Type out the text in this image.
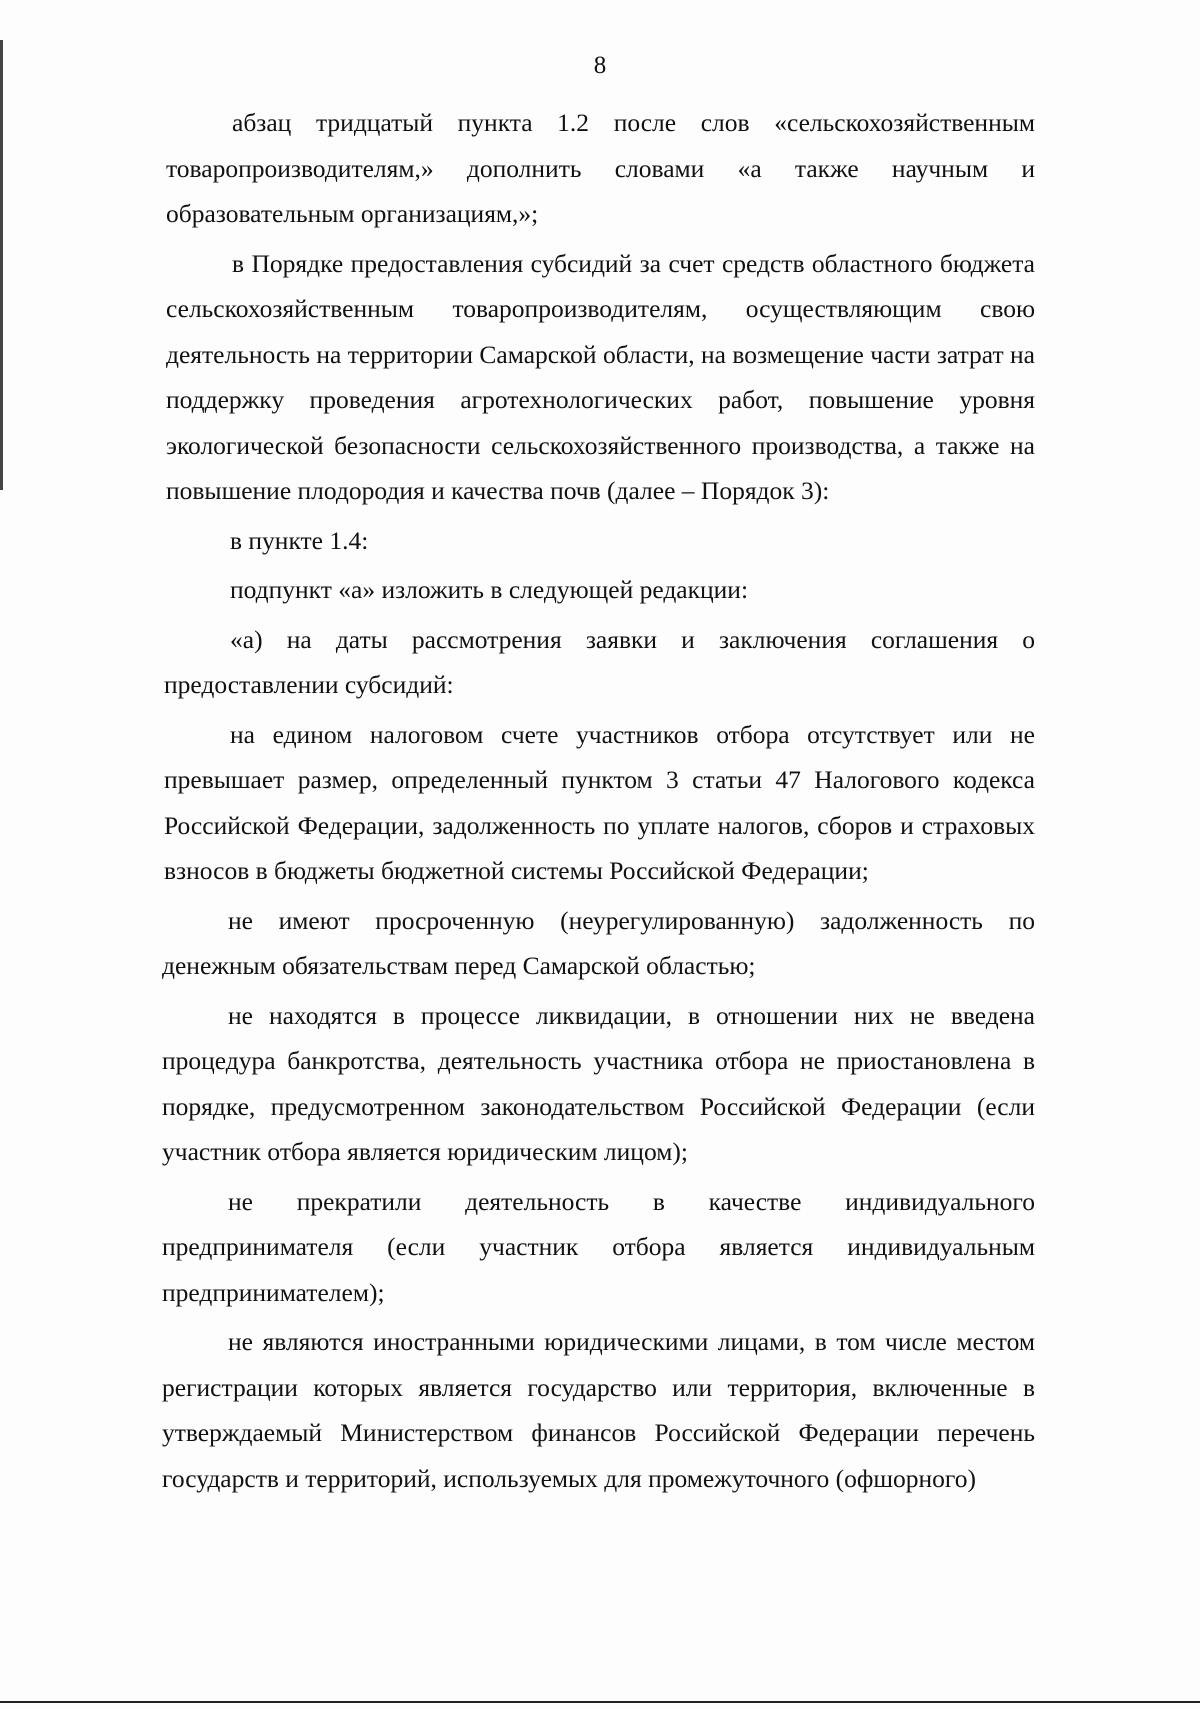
8

абзац тридцатый пункта 1.2 после слов «сельскохозяйственным товаропроизводителям,» дополнить словами «а также научным и образовательным организациям,»;

в Порядке предоставления субсидий за счет средств областного бюджета сельскохозяйственным товаропроизводителям, осуществляющим свою деятельность на территории Самарской области, на возмещение части затрат на поддержку проведения агротехнологических работ, повышение уровня экологической безопасности сельскохозяйственного производства, а также на повышение плодородия и качества почв (далее – Порядок 3):

в пункте 1.4:

подпункт «а» изложить в следующей редакции:

«а) на даты рассмотрения заявки и заключения соглашения о предоставлении субсидий:

на едином налоговом счете участников отбора отсутствует или не превышает размер, определенный пунктом 3 статьи 47 Налогового кодекса Российской Федерации, задолженность по уплате налогов, сборов и страховых взносов в бюджеты бюджетной системы Российской Федерации;

не имеют просроченную (неурегулированную) задолженность по денежным обязательствам перед Самарской областью;

не находятся в процессе ликвидации, в отношении них не введена процедура банкротства, деятельность участника отбора не приостановлена в порядке, предусмотренном законодательством Российской Федерации (если участник отбора является юридическим лицом);

не прекратили деятельность в качестве индивидуального предпринимателя (если участник отбора является индивидуальным предпринимателем);

не являются иностранными юридическими лицами, в том числе местом регистрации которых является государство или территория, включенные в утверждаемый Министерством финансов Российской Федерации перечень государств и территорий, используемых для промежуточного (офшорного)
